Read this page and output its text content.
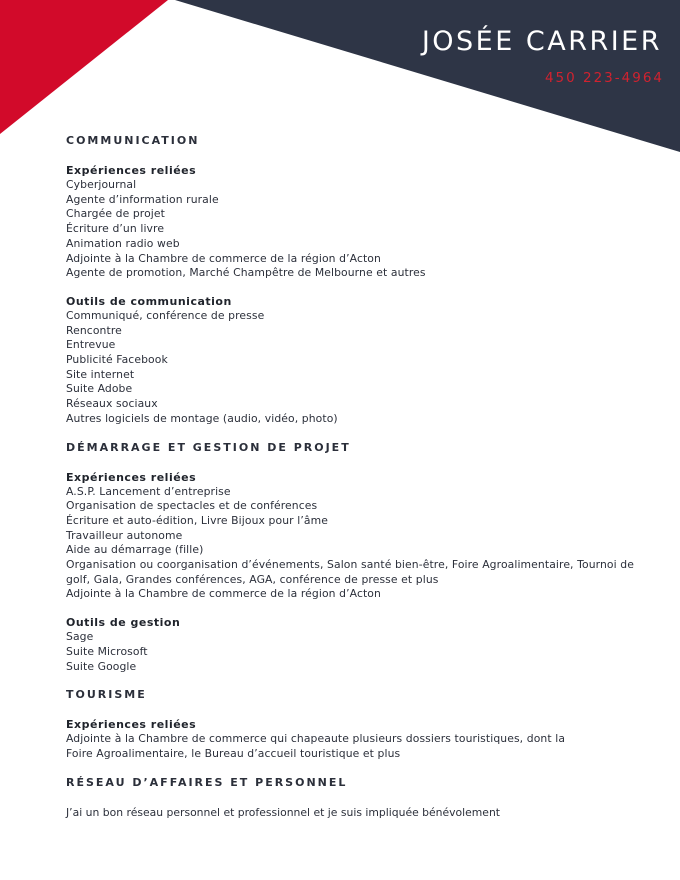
JOSÉE CARRIER
450 223-4964
COMMUNICATION
Expériences reliées
Cyberjournal
Agente d’information rurale
Chargée de projet
Écriture d’un livre
Animation radio web
Adjointe à la Chambre de commerce de la région d’Acton
Agente de promotion, Marché Champêtre de Melbourne et autres
Outils de communication
Communiqué, conférence de presse
Rencontre
Entrevue
Publicité Facebook
Site internet
Suite Adobe
Réseaux sociaux
Autres logiciels de montage (audio, vidéo, photo)
DÉMARRAGE ET GESTION DE PROJET
Expériences reliées
A.S.P. Lancement d’entreprise
Organisation de spectacles et de conférences
Écriture et auto-édition, Livre Bijoux pour l’âme
Travailleur autonome
Aide au démarrage (fille)
Organisation ou coorganisation d’événements, Salon santé bien-être, Foire Agroalimentaire, Tournoi de golf, Gala, Grandes conférences, AGA, conférence de presse et plus
Adjointe à la Chambre de commerce de la région d’Acton
Outils de gestion
Sage
Suite Microsoft
Suite Google
TOURISME
Expériences reliées
Adjointe à la Chambre de commerce qui chapeaute plusieurs dossiers touristiques, dont la Foire Agroalimentaire, le Bureau d’accueil touristique et plus
RÉSEAU D’AFFAIRES ET PERSONNEL
J’ai un bon réseau personnel et professionnel et je suis impliquée bénévolement
